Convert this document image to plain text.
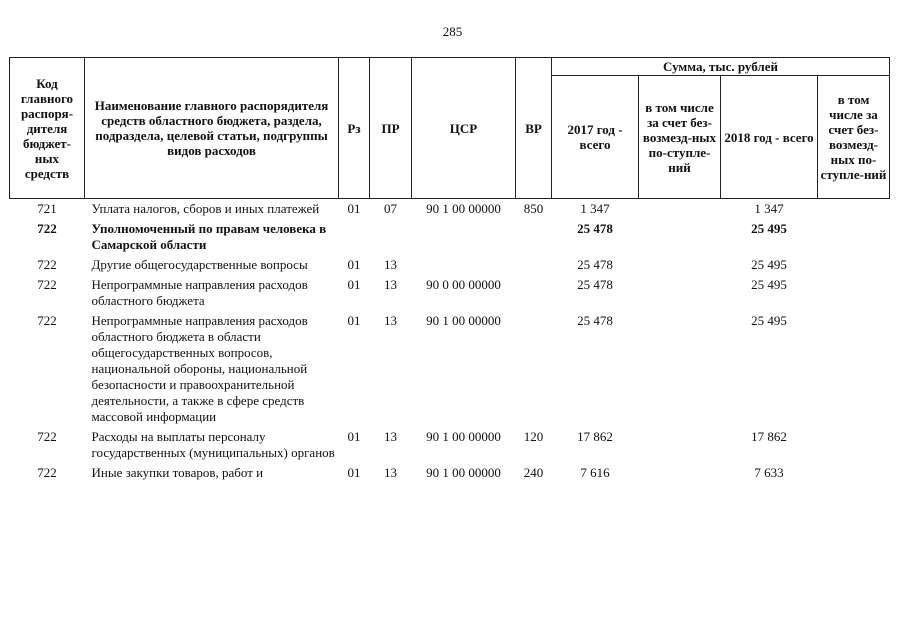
285
Код главного распоря-дителя бюджет-ных средств	Наименование главного распорядителя средств областного бюджета, раздела, подраздела, целевой статьи, подгруппы видов расходов	Рз	ПР	ЦСР	ВР	Сумма, тыс. рублей			
						2017 год - всего	в том числе за счет без-возмезд-ных по-ступле-ний	2018 год - всего	в том числе за счет без-возмезд-ных по-ступле-ний
721	Уплата налогов, сборов и иных платежей	01	07	90 1 00 00000	850	1 347		1 347	
722	Уполномоченный по правам человека в Самарской области					25 478		25 495	
722	Другие общегосударственные вопросы	01	13			25 478		25 495	
722	Непрограммные направления расходов областного бюджета	01	13	90 0 00 00000		25 478		25 495	
722	Непрограммные направления расходов областного бюджета в области общегосударственных вопросов, национальной обороны, национальной безопасности и правоохранительной деятельности, а также в сфере средств массовой информации	01	13	90 1 00 00000		25 478		25 495	
722	Расходы на выплаты персоналу государственных (муниципальных) органов	01	13	90 1 00 00000	120	17 862		17 862	
722	Иные закупки товаров, работ и	01	13	90 1 00 00000	240	7 616		7 633	
